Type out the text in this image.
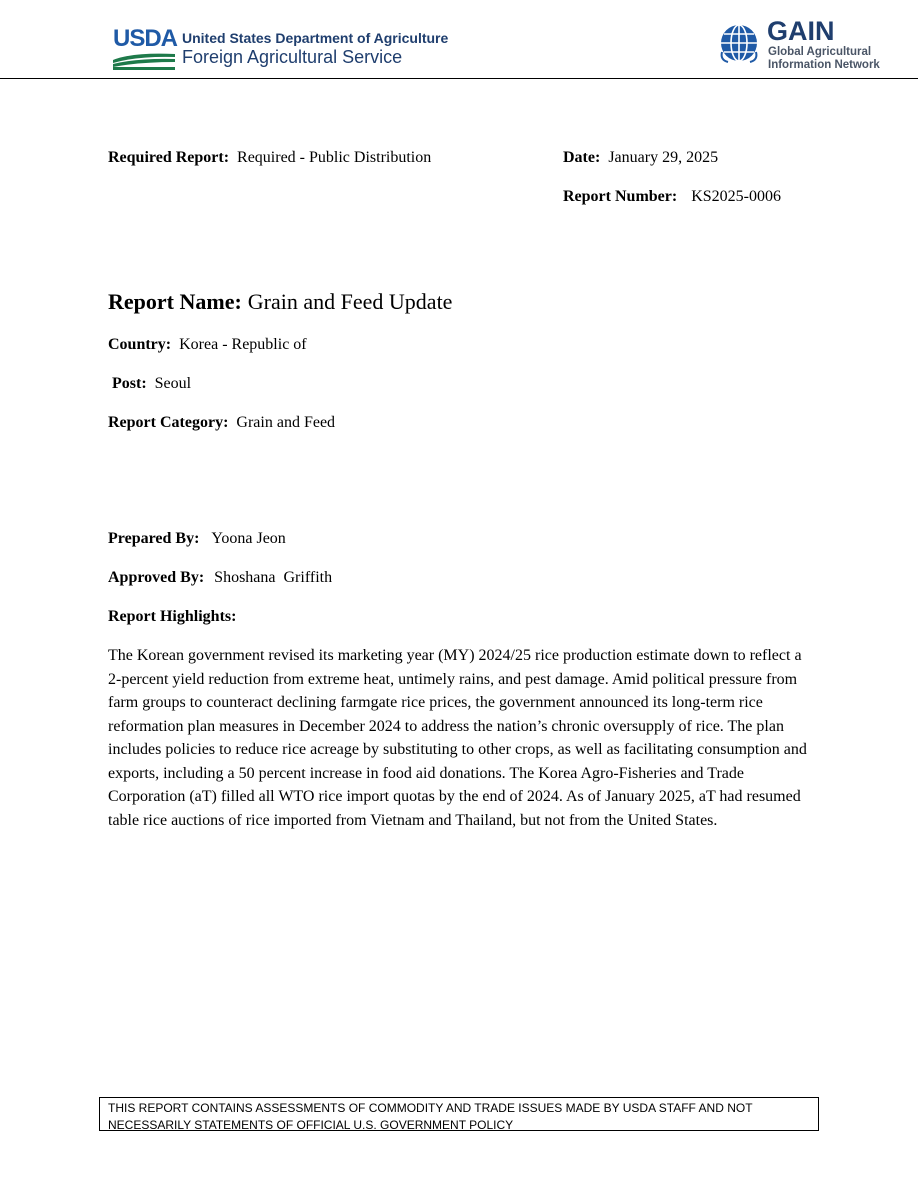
USDA United States Department of Agriculture
Foreign Agricultural Service
GAIN
Global Agricultural
Information Network
Required Report: Required - Public Distribution	Date: January 29, 2025
Report Number: KS2025-0006
Report Name: Grain and Feed Update
Country: Korea - Republic of
Post: Seoul
Report Category: Grain and Feed
Prepared By: Yoona Jeon
Approved By: Shoshana  Griffith
Report Highlights:
The Korean government revised its marketing year (MY) 2024/25 rice production estimate down to reflect a 2-percent yield reduction from extreme heat, untimely rains, and pest damage. Amid political pressure from farm groups to counteract declining farmgate rice prices, the government announced its long-term rice reformation plan measures in December 2024 to address the nation’s chronic oversupply of rice. The plan includes policies to reduce rice acreage by substituting to other crops, as well as facilitating consumption and exports, including a 50 percent increase in food aid donations. The Korea Agro-Fisheries and Trade Corporation (aT) filled all WTO rice import quotas by the end of 2024. As of January 2025, aT had resumed table rice auctions of rice imported from Vietnam and Thailand, but not from the United States.
THIS REPORT CONTAINS ASSESSMENTS OF COMMODITY AND TRADE ISSUES MADE BY USDA STAFF AND NOT NECESSARILY STATEMENTS OF OFFICIAL U.S. GOVERNMENT POLICY
